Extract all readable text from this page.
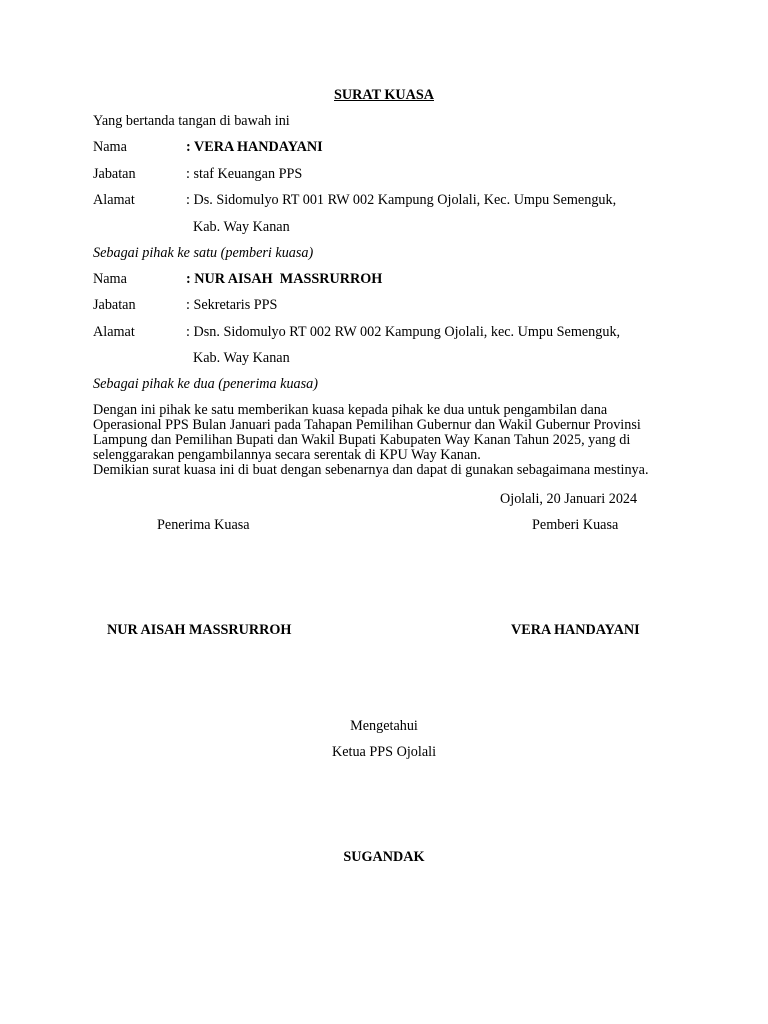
SURAT KUASA
Yang bertanda tangan di bawah ini
Nama	: VERA HANDAYANI
Jabatan	: staf Keuangan PPS
Alamat	: Ds. Sidomulyo RT 001 RW 002 Kampung Ojolali, Kec. Umpu Semenguk,
Kab. Way Kanan
Sebagai pihak ke satu (pemberi kuasa)
Nama	: NUR AISAH  MASSRURROH
Jabatan	: Sekretaris PPS
Alamat	: Dsn. Sidomulyo RT 002 RW 002 Kampung Ojolali, kec. Umpu Semenguk,
Kab. Way Kanan
Sebagai pihak ke dua (penerima kuasa)

Dengan ini pihak ke satu memberikan kuasa kepada pihak ke dua untuk pengambilan dana Operasional PPS Bulan Januari pada Tahapan Pemilihan Gubernur dan Wakil Gubernur Provinsi Lampung dan Pemilihan Bupati dan Wakil Bupati Kabupaten Way Kanan Tahun 2025, yang di selenggarakan pengambilannya secara serentak di KPU Way Kanan.

Demikian surat kuasa ini di buat dengan sebenarnya dan dapat di gunakan sebagaimana mestinya.

Ojolali, 20 Januari 2024
Penerima Kuasa	Pemberi Kuasa
NUR AISAH MASSRURROH	VERA HANDAYANI
Mengetahui
Ketua PPS Ojolali
SUGANDAK
